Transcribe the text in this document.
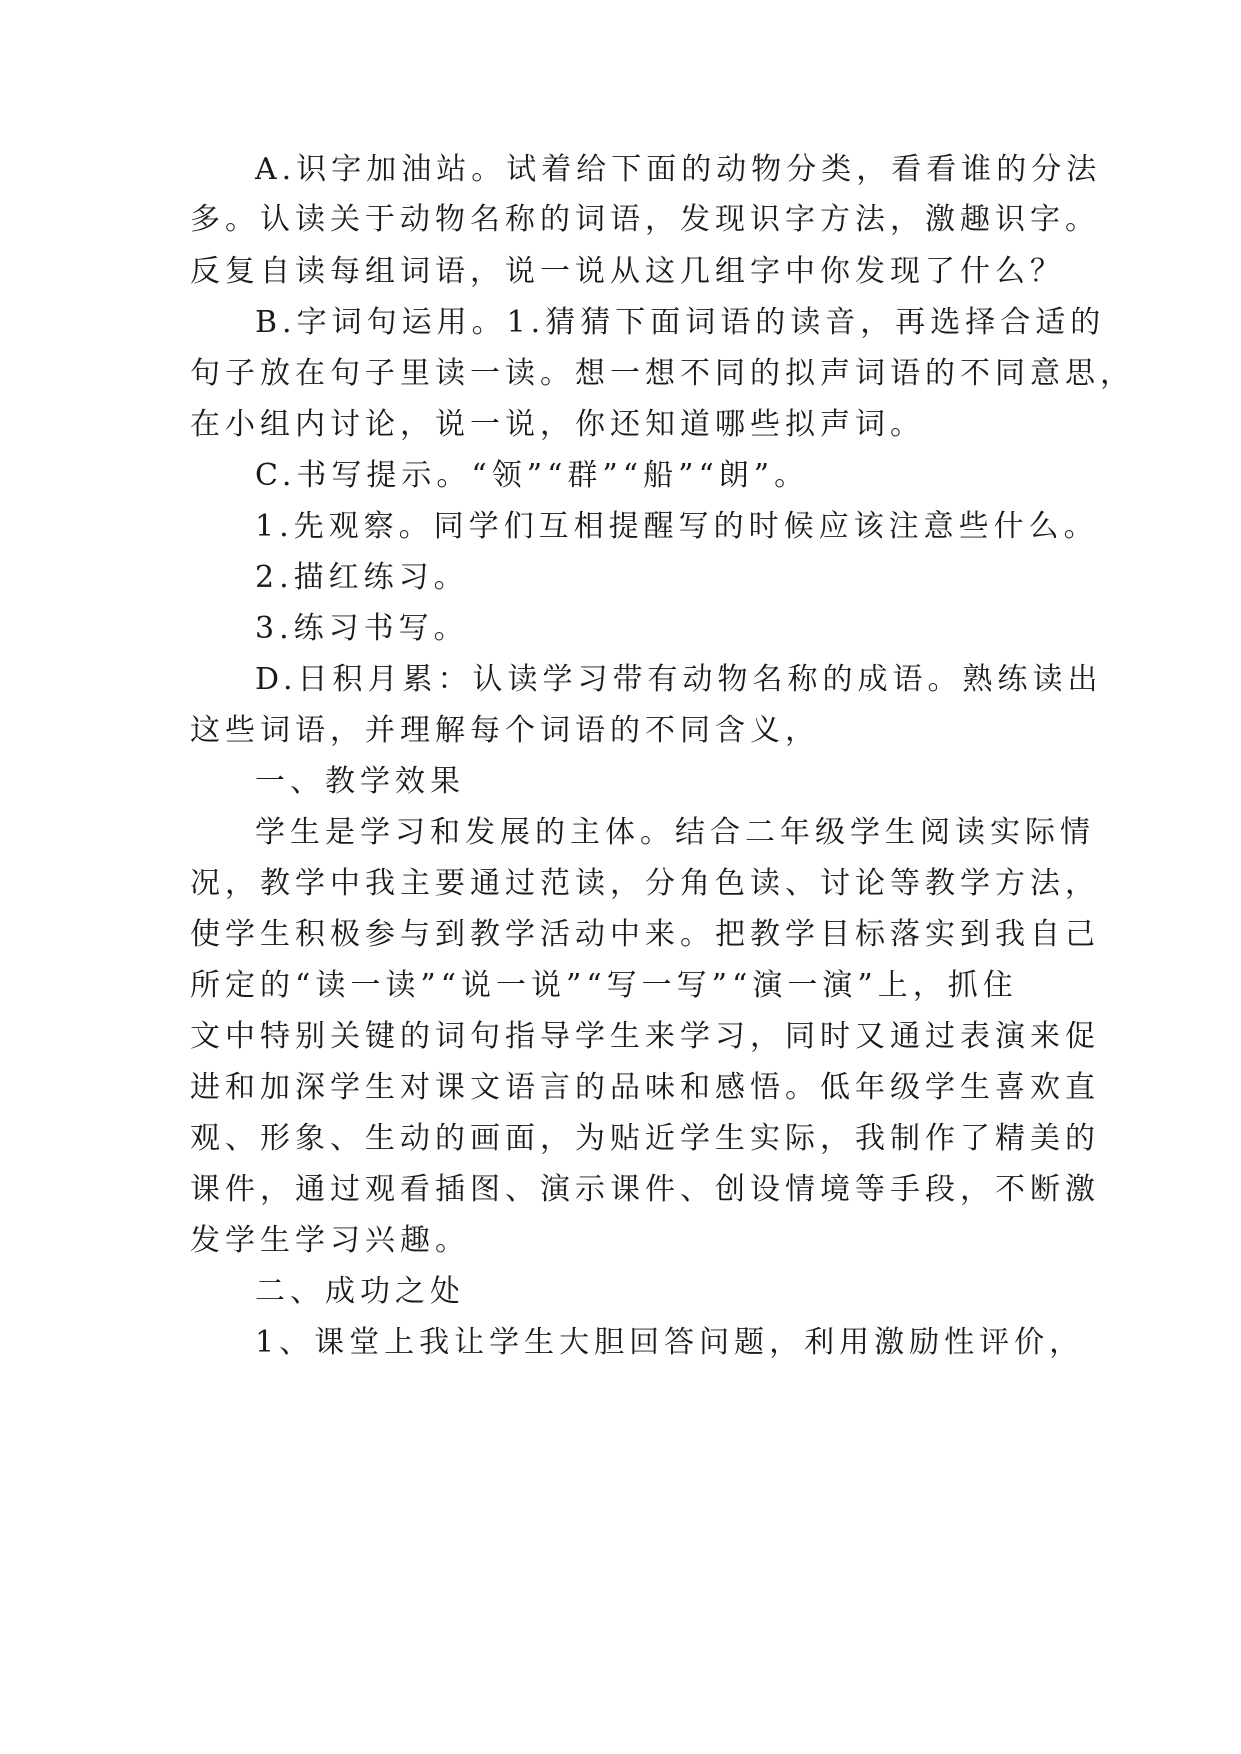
A.识字加油站。试着给下面的动物分类，看看谁的分法
多。认读关于动物名称的词语，发现识字方法，激趣识字。
反复自读每组词语，说一说从这几组字中你发现了什么？
B.字词句运用。1.猜猜下面词语的读音，再选择合适的
句子放在句子里读一读。想一想不同的拟声词语的不同意思，
在小组内讨论，说一说，你还知道哪些拟声词。
C.书写提示。“领”“群”“船”“朗”。
1.先观察。同学们互相提醒写的时候应该注意些什么。
2.描红练习。
3.练习书写。
D.日积月累：认读学习带有动物名称的成语。熟练读出
这些词语，并理解每个词语的不同含义，
一、教学效果
学生是学习和发展的主体。结合二年级学生阅读实际情
况，教学中我主要通过范读，分角色读、讨论等教学方法，
使学生积极参与到教学活动中来。把教学目标落实到我自己
所定的“读一读”“说一说”“写一写”“演一演”上，抓住
文中特别关键的词句指导学生来学习，同时又通过表演来促
进和加深学生对课文语言的品味和感悟。低年级学生喜欢直
观、形象、生动的画面，为贴近学生实际，我制作了精美的
课件，通过观看插图、演示课件、创设情境等手段，不断激
发学生学习兴趣。
二、成功之处
1、课堂上我让学生大胆回答问题，利用激励性评价，
